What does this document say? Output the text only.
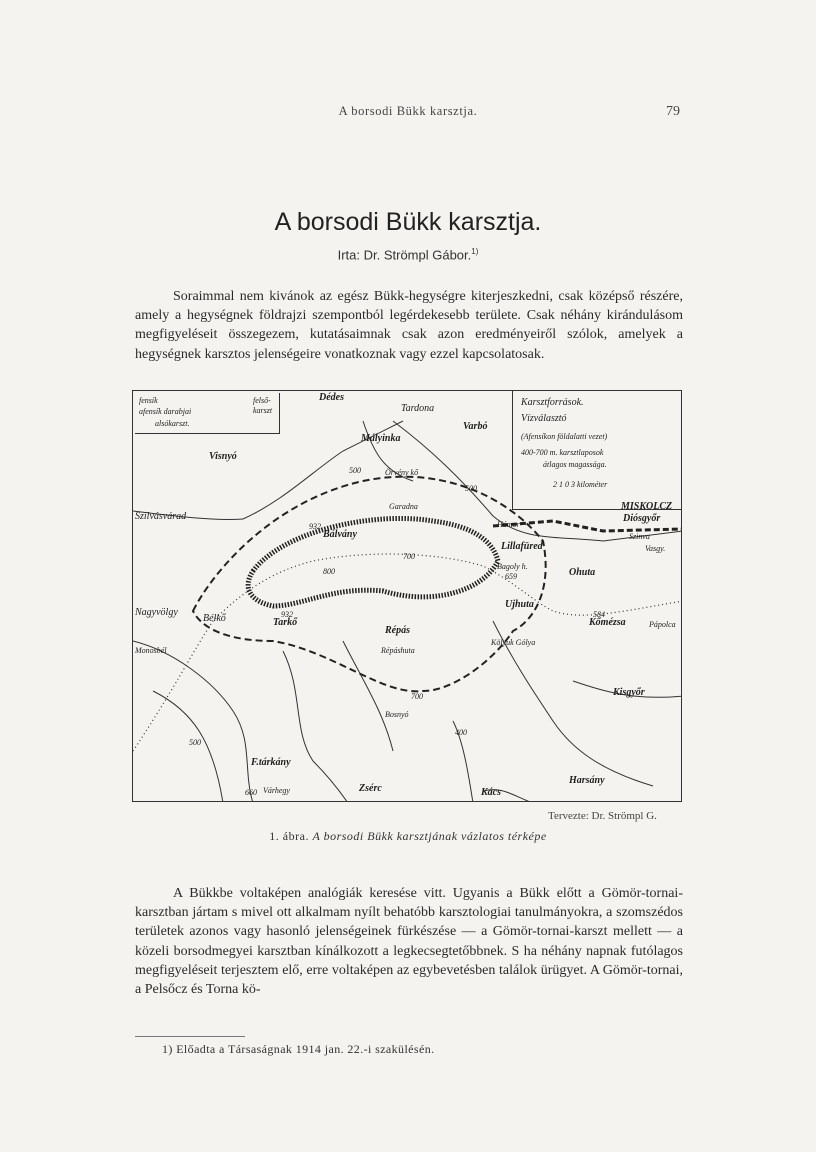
A borsodi Bükk karsztja.	79
A borsodi Bükk karsztja.
Irta: Dr. Strömpl Gábor.$^{1)}$

Soraimmal nem kivánok az egész Bükk-hegységre kiterjeszkedni, csak középső részére, amely a hegységnek földrajzi szempontból legérdekesebb területe. Csak néhány kirándulásom megfigyeléseit összegezem, kutatásaimnak csak azon eredményeiről szólok, amelyek a hegységnek karsztos jelenségeire vonatkoznak vagy ezzel kapcsolatosak.

fensík	felső-
karszt
afensík darabjai
alsókarszt.
Karsztforrások.
Vízválasztó
(Afensíkon földalatti vezet)
400-700 m. karsztlaposok
átlagos magassága.
2 1 0 3 kilométer
Dédes
Tardona
Varbó
Mályinka
Visnyó
Szilvásvárad
Örvény kő
Garadna
Bálvány
Hámor
Diósgyőr
Szinva
Vasgy.
Lillafüred
Bagoly h.
Ohuta
Ujhuta
Répás
Répáshuta
Kölyuk Gólya
Kőmézsa	Pápolca
Bélkő	Tarkő
Nagyvölgy
Monosbél
Kisgyőr
Bosnyó
F.tárkány
Várhegy	Zsérc	Kács
Harsány
MISKOLCZ
932
700
800
932
500
500
700
659
584
400
500
660
Tervezte: Dr. Strömpl G.
1. ábra. A borsodi Bükk karsztjának vázlatos térképe

A Bükkbe voltaképen analógiák keresése vitt. Ugyanis a Bükk előtt a Gömör-tornai-karsztban jártam s mivel ott alkalmam nyílt behatóbb karsztologiai tanulmányokra, a szomszédos területek azonos vagy hasonló jelenségeinek fürkészése — a Gömör-tornai-karszt mellett — a közeli borsodmegyei karsztban kínálkozott a legkecsegtetőbbnek. S ha néhány napnak futólagos megfigyeléseit terjesztem elő, erre voltaképen az egybevetésben találok ürügyet. A Gömör-tornai, a Pelsőcz és Torna kö-

1) Előadta a Társaságnak 1914 jan. 22.-i szakülésén.
